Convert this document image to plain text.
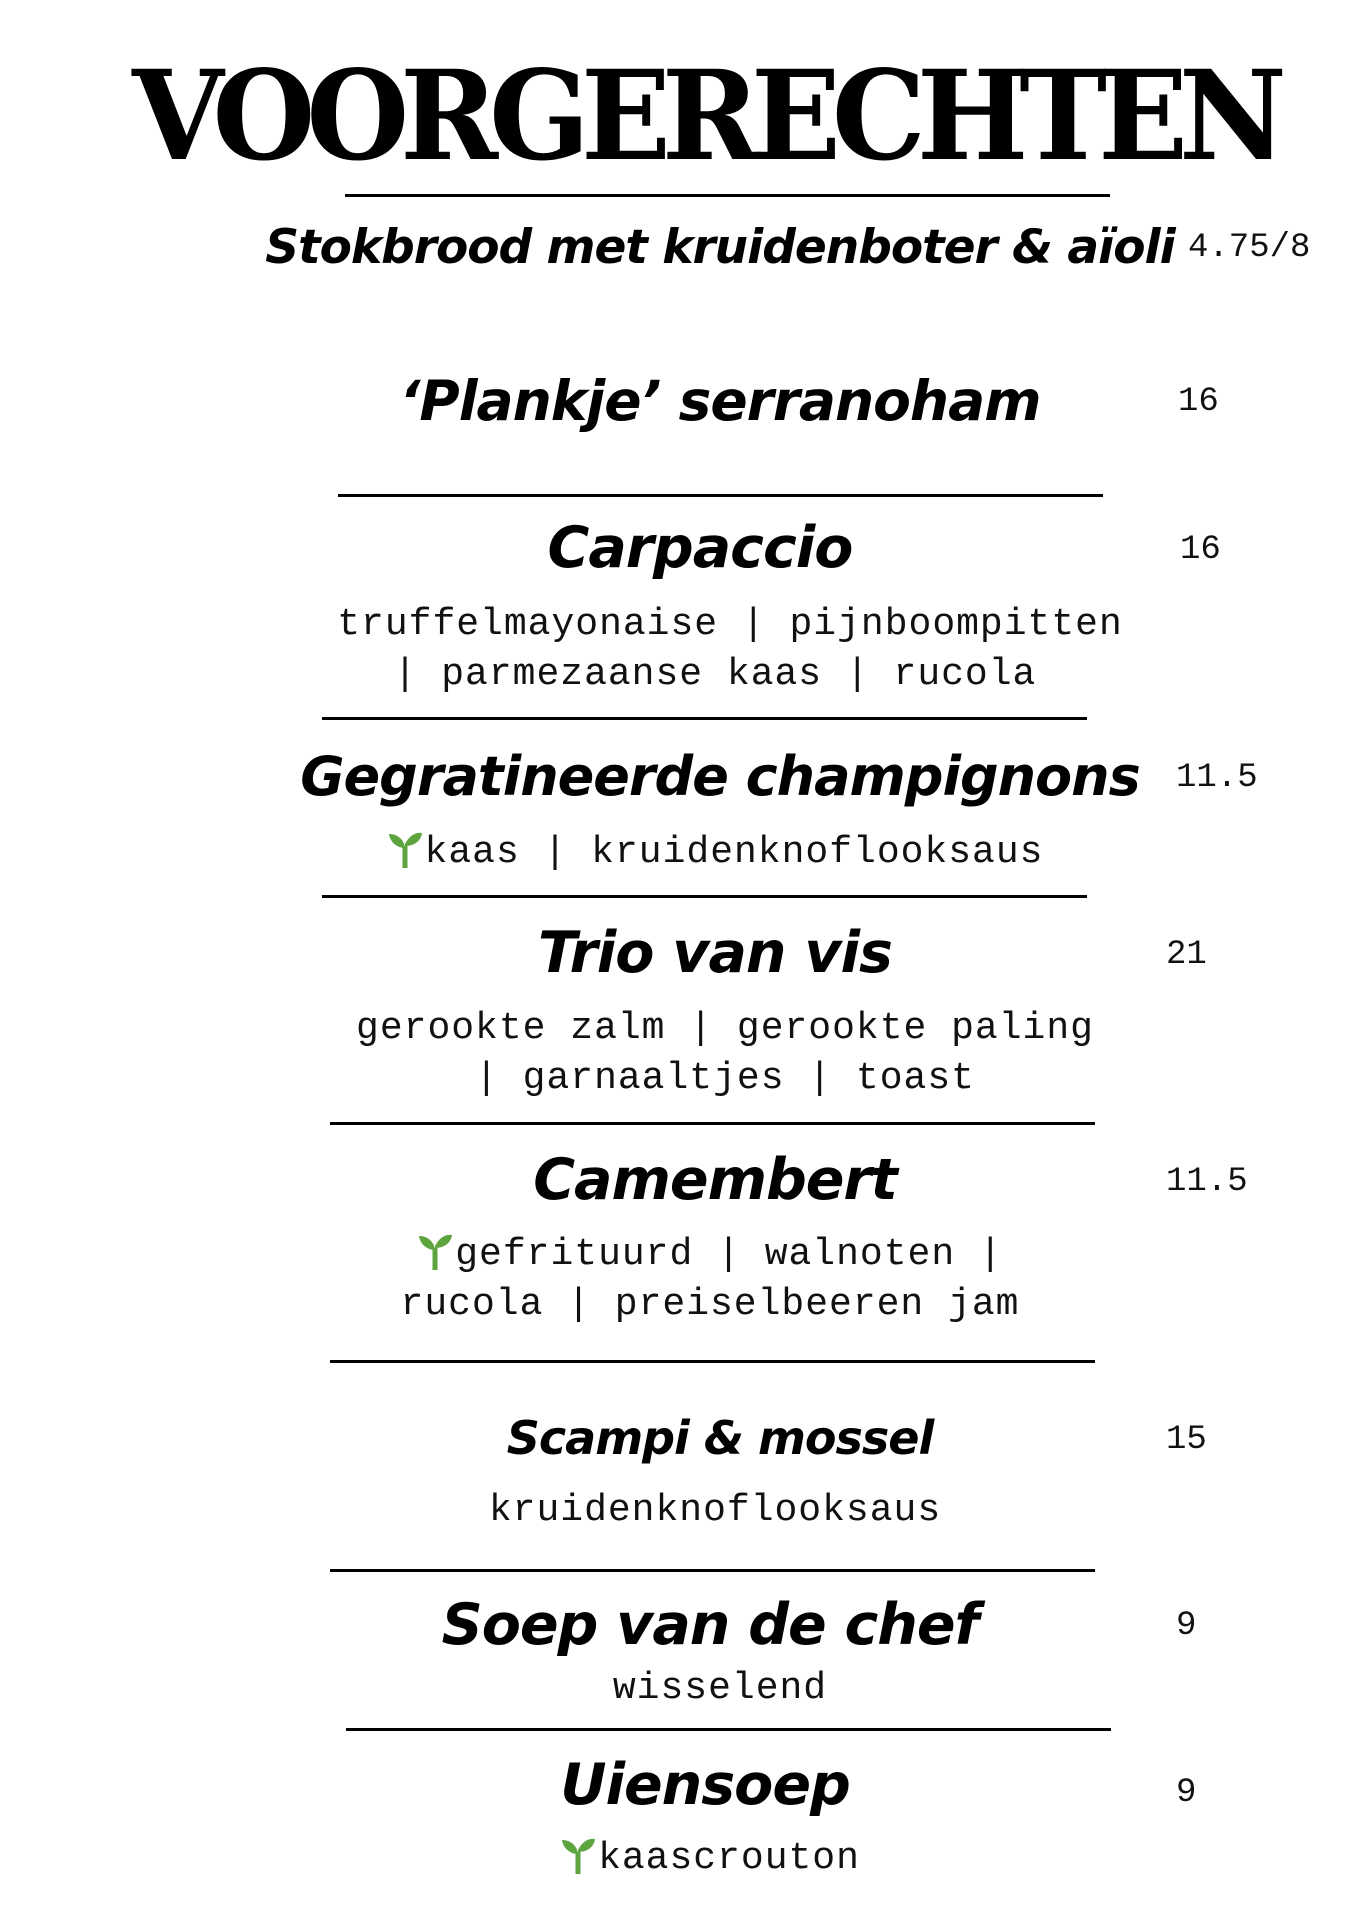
VOORGERECHTEN
Stokbrood met kruidenboter & aïoli 4.75/8
‘Plankje’ serranoham	16
Carpaccio	16
truffelmayonaise | pijnboompitten
| parmezaanse kaas | rucola
Gegratineerde champignons	11.5
kaas | kruidenknoflooksaus
Trio van vis	21
gerookte zalm | gerookte paling
| garnaaltjes | toast
Camembert	11.5
gefrituurd | walnoten |
rucola | preiselbeeren jam
Scampi & mossel	15
kruidenknoflooksaus
Soep van de chef	9
wisselend
Uiensoep	9
kaascrouton
